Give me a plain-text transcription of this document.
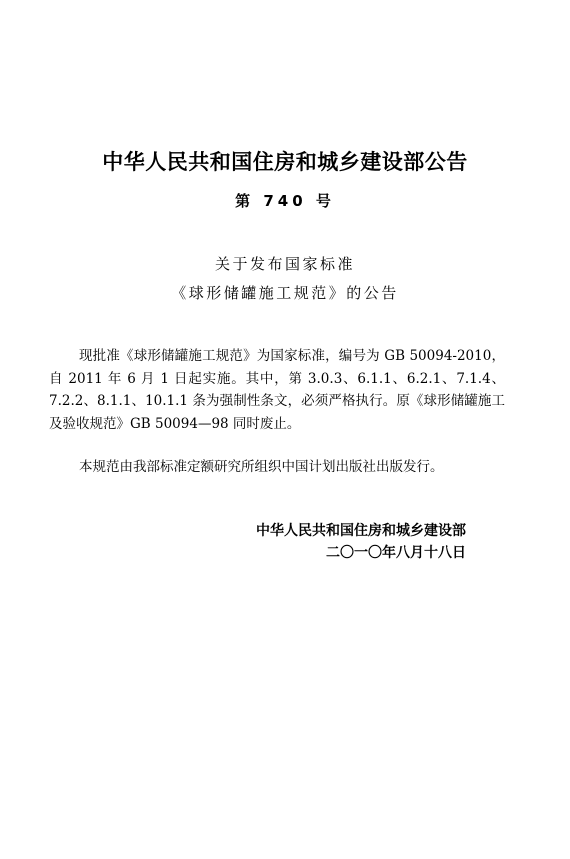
中华人民共和国住房和城乡建设部公告
第 740 号
关于发布国家标准
《球形储罐施工规范》的公告
现批准《球形储罐施工规范》为国家标准，编号为 GB 50094-2010，自 2011 年 6 月 1 日起实施。其中，第 3.0.3、6.1.1、6.2.1、7.1.4、7.2.2、8.1.1、10.1.1 条为强制性条文，必须严格执行。原《球形储罐施工及验收规范》GB 50094—98 同时废止。
本规范由我部标准定额研究所组织中国计划出版社出版发行。
中华人民共和国住房和城乡建设部
二〇一〇年八月十八日
